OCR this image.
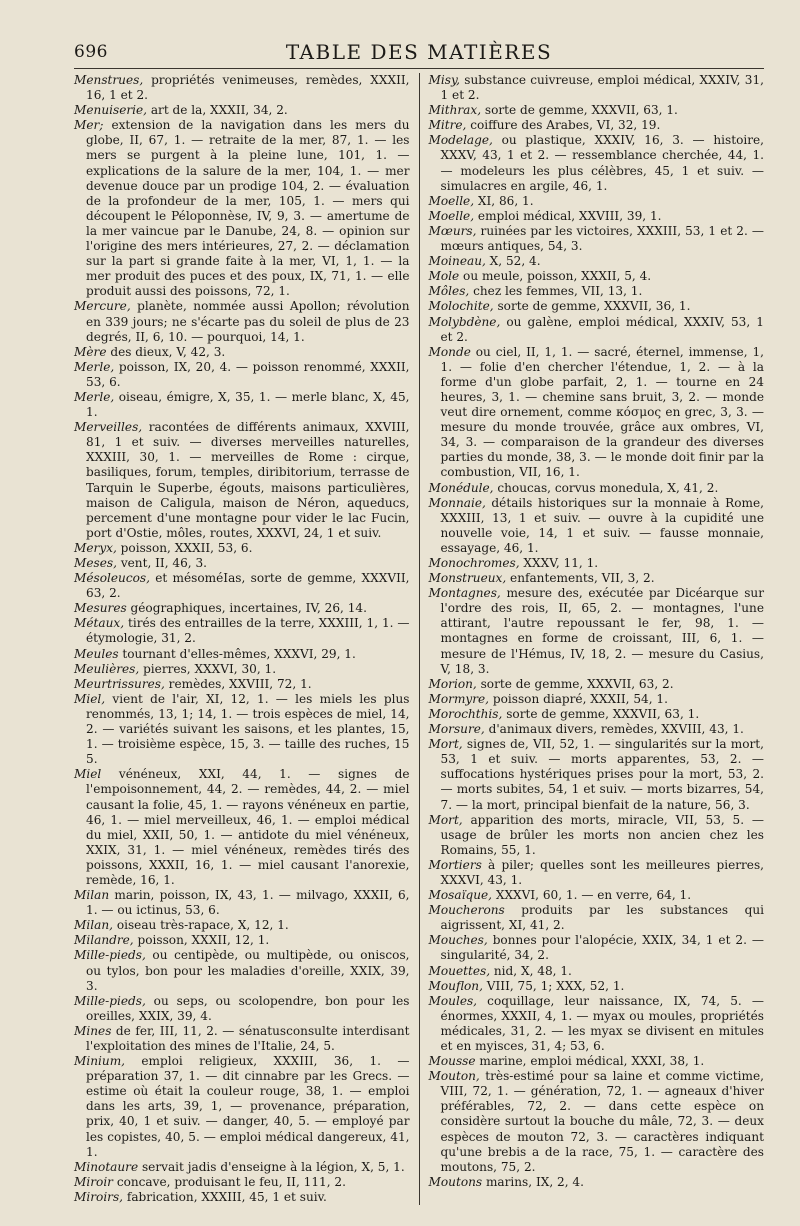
696	TABLE DES MATIÈRES

Menstrues, propriétés venimeuses, remèdes, XXXII, 16, 1 et 2.

Menuiserie, art de la, XXXII, 34, 2.

Mer; extension de la navigation dans les mers du globe, II, 67, 1. — retraite de la mer, 87, 1. — les mers se purgent à la pleine lune, 101, 1. — explications de la salure de la mer, 104, 1. — mer devenue douce par un prodige 104, 2. — évaluation de la profondeur de la mer, 105, 1. — mers qui découpent le Péloponnèse, IV, 9, 3. — amertume de la mer vaincue par le Danube, 24, 8. — opinion sur l'origine des mers intérieures, 27, 2. — déclamation sur la part si grande faite à la mer, VI, 1, 1. — la mer produit des puces et des poux, IX, 71, 1. — elle produit aussi des poissons, 72, 1.

Mercure, planète, nommée aussi Apollon; révolution en 339 jours; ne s'écarte pas du soleil de plus de 23 degrés, II, 6, 10. — pourquoi, 14, 1.

Mère des dieux, V, 42, 3.

Merle, poisson, IX, 20, 4. — poisson renommé, XXXII, 53, 6.

Merle, oiseau, émigre, X, 35, 1. — merle blanc, X, 45, 1.

Merveilles, racontées de différents animaux, XXVIII, 81, 1 et suiv. — diverses merveilles naturelles, XXXIII, 30, 1. — merveilles de Rome : cirque, basiliques, forum, temples, diribitorium, terrasse de Tarquin le Superbe, égouts, maisons particulières, maison de Caligula, maison de Néron, aqueducs, percement d'une montagne pour vider le lac Fucin, port d'Ostie, môles, routes, XXXVI, 24, 1 et suiv.

Meryx, poisson, XXXII, 53, 6.

Meses, vent, II, 46, 3.

Mésoleucos, et mésoméIas, sorte de gemme, XXXVII, 63, 2.

Mesures géographiques, incertaines, IV, 26, 14.

Métaux, tirés des entrailles de la terre, XXXIII, 1, 1. — étymologie, 31, 2.

Meules tournant d'elles-mêmes, XXXVI, 29, 1.

Meulières, pierres, XXXVI, 30, 1.

Meurtrissures, remèdes, XXVIII, 72, 1.

Miel, vient de l'air, XI, 12, 1. — les miels les plus renommés, 13, 1; 14, 1. — trois espèces de miel, 14, 2. — variétés suivant les saisons, et les plantes, 15, 1. — troisième espèce, 15, 3. — taille des ruches, 15 5.

Miel vénéneux, XXI, 44, 1. — signes de l'empoisonnement, 44, 2. — remèdes, 44, 2. — miel causant la folie, 45, 1. — rayons vénéneux en partie, 46, 1. — miel merveilleux, 46, 1. — emploi médical du miel, XXII, 50, 1. — antidote du miel vénéneux, XXIX, 31, 1. — miel vénéneux, remèdes tirés des poissons, XXXII, 16, 1. — miel causant l'anorexie, remède, 16, 1.

Milan marin, poisson, IX, 43, 1. — milvago, XXXII, 6, 1. — ou ictinus, 53, 6.

Milan, oiseau très-rapace, X, 12, 1.

Milandre, poisson, XXXII, 12, 1.

Mille-pieds, ou centipède, ou multipède, ou oniscos, ou tylos, bon pour les maladies d'oreille, XXIX, 39, 3.

Mille-pieds, ou seps, ou scolopendre, bon pour les oreilles, XXIX, 39, 4.

Mines de fer, III, 11, 2. — sénatusconsulte interdisant l'exploitation des mines de l'Italie, 24, 5.

Minium, emploi religieux, XXXIII, 36, 1. — préparation 37, 1. — dit cinnabre par les Grecs. — estime où était la couleur rouge, 38, 1. — emploi dans les arts, 39, 1, — provenance, préparation, prix, 40, 1 et suiv. — danger, 40, 5. — employé par les copistes, 40, 5. — emploi médical dangereux, 41, 1.

Minotaure servait jadis d'enseigne à la légion, X, 5, 1.

Miroir concave, produisant le feu, II, 111, 2.

Miroirs, fabrication, XXXIII, 45, 1 et suiv.

Misy, substance cuivreuse, emploi médical, XXXIV, 31, 1 et 2.

Mithrax, sorte de gemme, XXXVII, 63, 1.

Mitre, coiffure des Arabes, VI, 32, 19.

Modelage, ou plastique, XXXIV, 16, 3. — histoire, XXXV, 43, 1 et 2. — ressemblance cherchée, 44, 1. — modeleurs les plus célèbres, 45, 1 et suiv. — simulacres en argile, 46, 1.

Moelle, XI, 86, 1.

Moelle, emploi médical, XXVIII, 39, 1.

Mœurs, ruinées par les victoires, XXXIII, 53, 1 et 2. — mœurs antiques, 54, 3.

Moineau, X, 52, 4.

Mole ou meule, poisson, XXXII, 5, 4.

Môles, chez les femmes, VII, 13, 1.

Molochite, sorte de gemme, XXXVII, 36, 1.

Molybdène, ou galène, emploi médical, XXXIV, 53, 1 et 2.

Monde ou ciel, II, 1, 1. — sacré, éternel, immense, 1, 1. — folie d'en chercher l'étendue, 1, 2. — à la forme d'un globe parfait, 2, 1. — tourne en 24 heures, 3, 1. — chemine sans bruit, 3, 2. — monde veut dire ornement, comme κόσμος en grec, 3, 3. — mesure du monde trouvée, grâce aux ombres, VI, 34, 3. — comparaison de la grandeur des diverses parties du monde, 38, 3. — le monde doit finir par la combustion, VII, 16, 1.

Monédule, choucas, corvus monedula, X, 41, 2.

Monnaie, détails historiques sur la monnaie à Rome, XXXIII, 13, 1 et suiv. — ouvre à la cupidité une nouvelle voie, 14, 1 et suiv. — fausse monnaie, essayage, 46, 1.

Monochromes, XXXV, 11, 1.

Monstrueux, enfantements, VII, 3, 2.

Montagnes, mesure des, exécutée par Dicéarque sur l'ordre des rois, II, 65, 2. — montagnes, l'une attirant, l'autre repoussant le fer, 98, 1. — montagnes en forme de croissant, III, 6, 1. — mesure de l'Hémus, IV, 18, 2. — mesure du Casius, V, 18, 3.

Morion, sorte de gemme, XXXVII, 63, 2.

Mormyre, poisson diapré, XXXII, 54, 1.

Morochthis, sorte de gemme, XXXVII, 63, 1.

Morsure, d'animaux divers, remèdes, XXVIII, 43, 1.

Mort, signes de, VII, 52, 1. — singularités sur la mort, 53, 1 et suiv. — morts apparentes, 53, 2. — suffocations hystériques prises pour la mort, 53, 2. — morts subites, 54, 1 et suiv. — morts bizarres, 54, 7. — la mort, principal bienfait de la nature, 56, 3.

Mort, apparition des morts, miracle, VII, 53, 5. — usage de brûler les morts non ancien chez les Romains, 55, 1.

Mortiers à piler; quelles sont les meilleures pierres, XXXVI, 43, 1.

Mosaïque, XXXVI, 60, 1. — en verre, 64, 1.

Moucherons produits par les substances qui aigrissent, XI, 41, 2.

Mouches, bonnes pour l'alopécie, XXIX, 34, 1 et 2. — singularité, 34, 2.

Mouettes, nid, X, 48, 1.

Mouflon, VIII, 75, 1; XXX, 52, 1.

Moules, coquillage, leur naissance, IX, 74, 5. — énormes, XXXII, 4, 1. — myax ou moules, propriétés médicales, 31, 2. — les myax se divisent en mitules et en myisces, 31, 4; 53, 6.

Mousse marine, emploi médical, XXXI, 38, 1.

Mouton, très-estimé pour sa laine et comme victime, VIII, 72, 1. — génération, 72, 1. — agneaux d'hiver préférables, 72, 2. — dans cette espèce on considère surtout la bouche du mâle, 72, 3. — deux espèces de mouton 72, 3. — caractères indiquant qu'une brebis a de la race, 75, 1. — caractère des moutons, 75, 2.

Moutons marins, IX, 2, 4.
